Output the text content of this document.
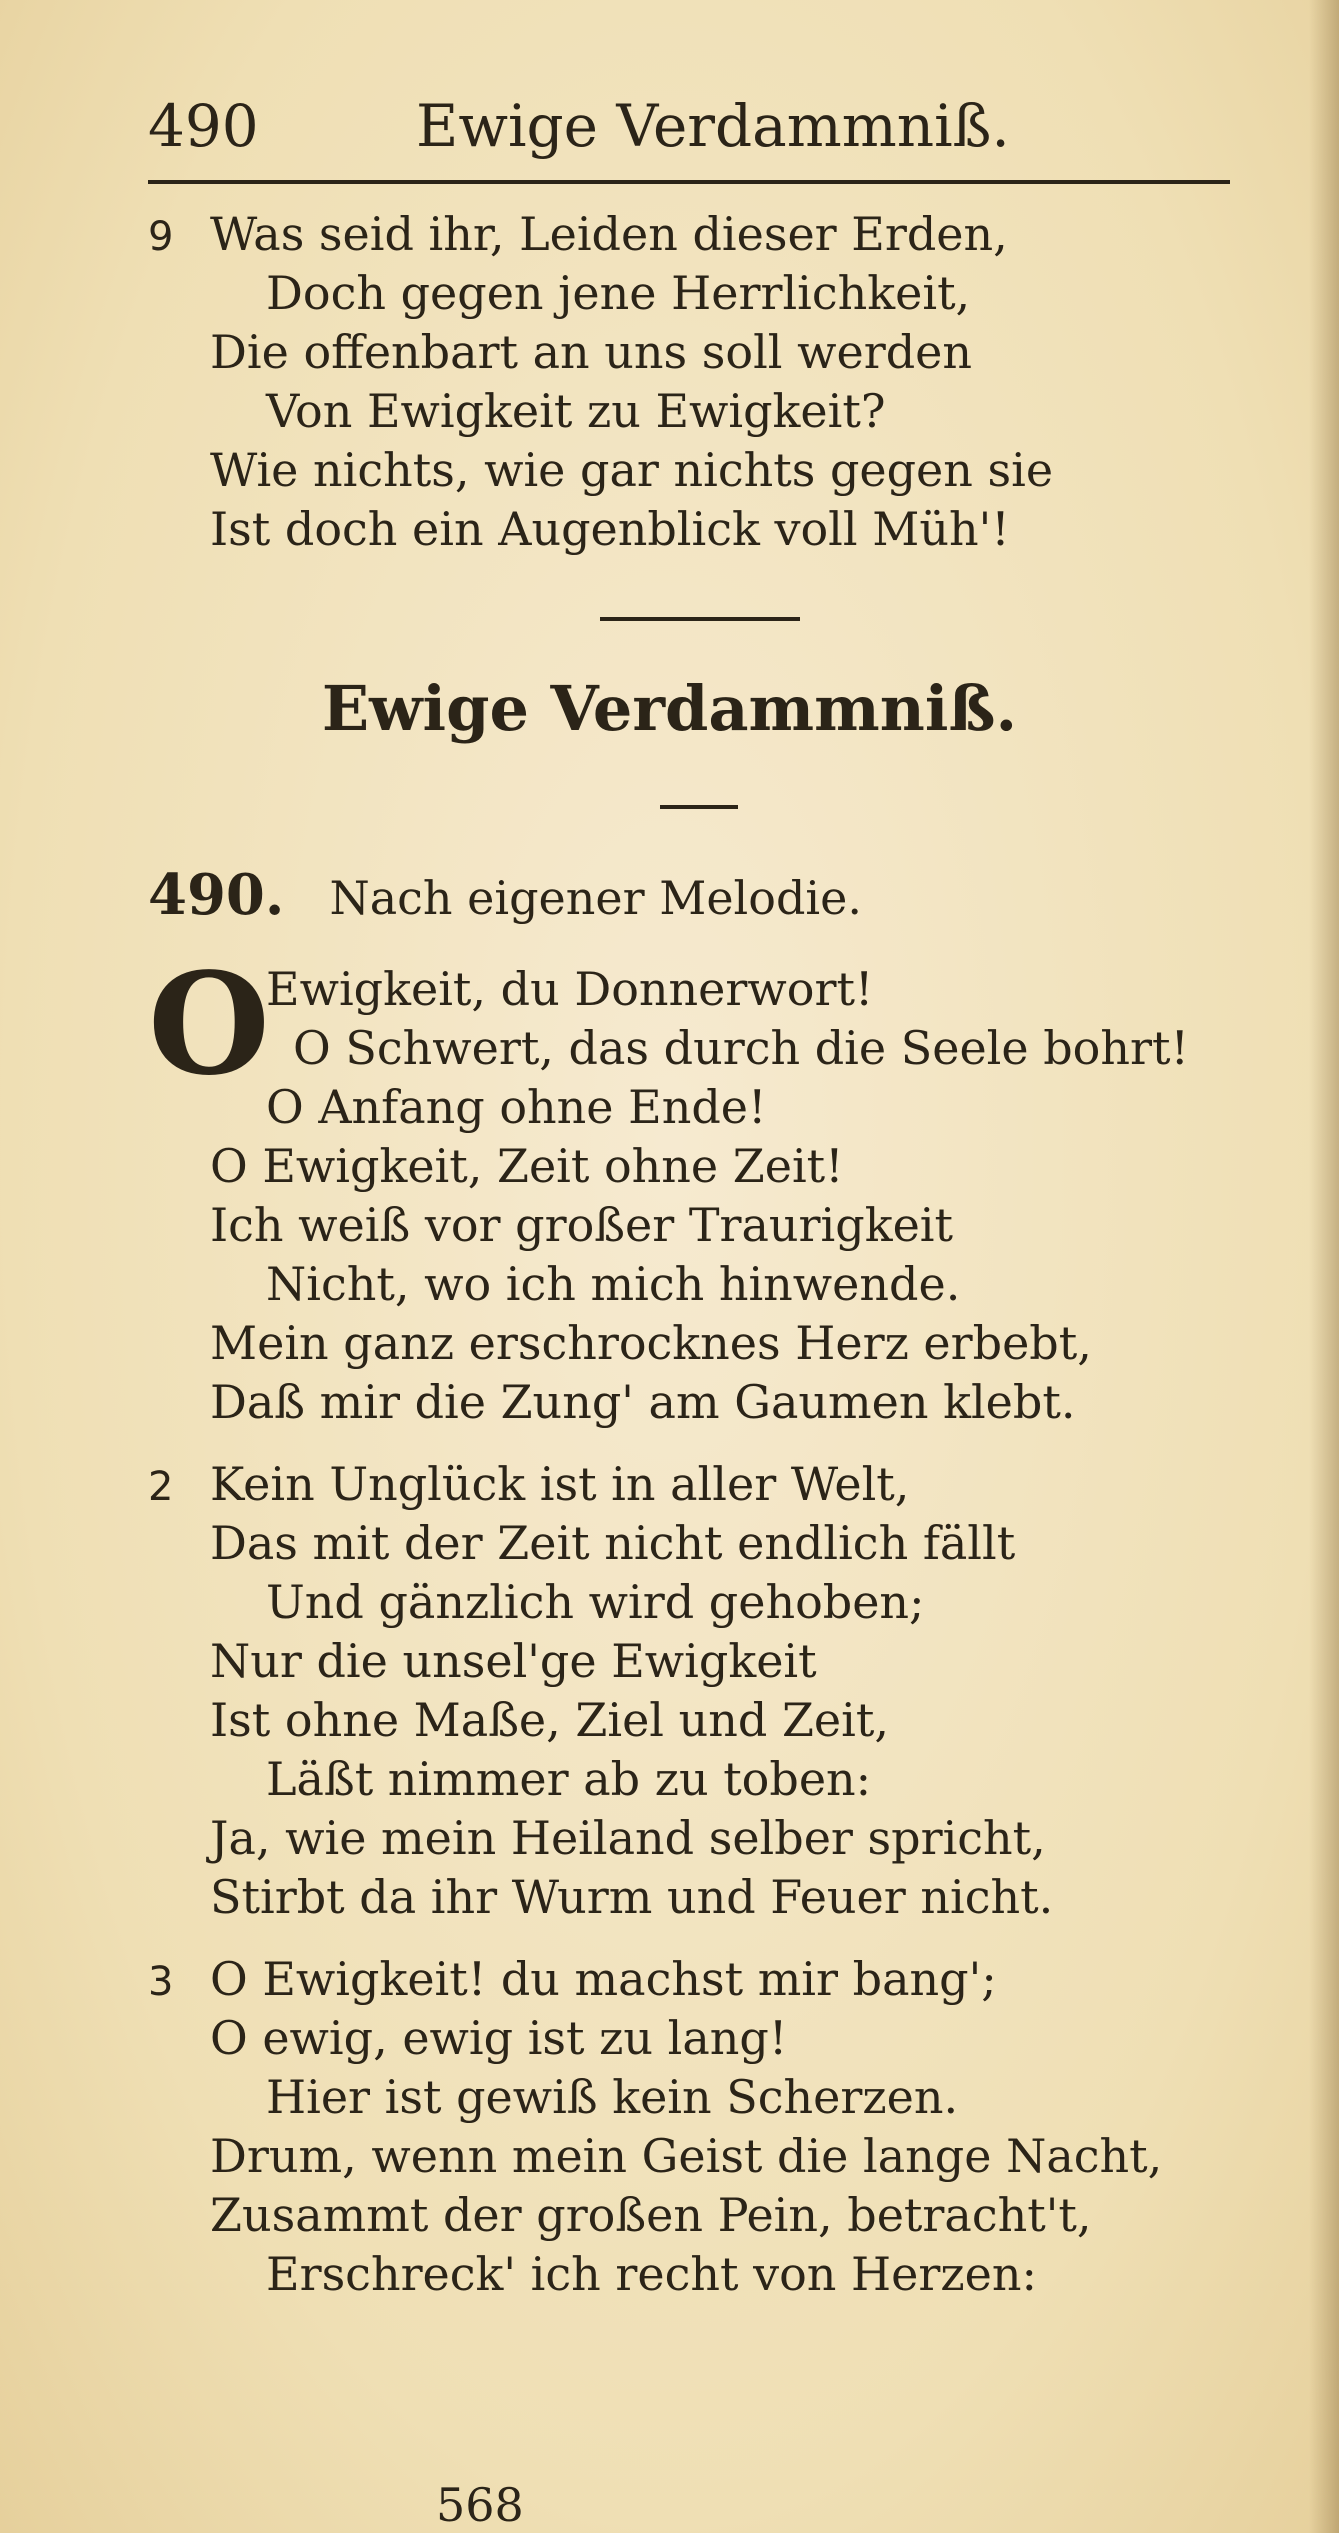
490	Ewige Verdammniß.
9 Was seid ihr, Leiden dieser Erden,
Doch gegen jene Herrlichkeit,
Die offenbart an uns soll werden
Von Ewigkeit zu Ewigkeit?
Wie nichts, wie gar nichts gegen sie
Ist doch ein Augenblick voll Müh'!
Ewige Verdammniß.
490. Nach eigener Melodie.
O
Ewigkeit, du Donnerwort!
O Schwert, das durch die Seele bohrt!
O Anfang ohne Ende!
O Ewigkeit, Zeit ohne Zeit!
Ich weiß vor großer Traurigkeit
Nicht, wo ich mich hinwende.
Mein ganz erschrocknes Herz erbebt,
Daß mir die Zung' am Gaumen klebt.
2 Kein Unglück ist in aller Welt,
Das mit der Zeit nicht endlich fällt
Und gänzlich wird gehoben;
Nur die unsel'ge Ewigkeit
Ist ohne Maße, Ziel und Zeit,
Läßt nimmer ab zu toben:
Ja, wie mein Heiland selber spricht,
Stirbt da ihr Wurm und Feuer nicht.
3 O Ewigkeit! du machst mir bang';
O ewig, ewig ist zu lang!
Hier ist gewiß kein Scherzen.
Drum, wenn mein Geist die lange Nacht,
Zusammt der großen Pein, betracht't,
Erschreck' ich recht von Herzen:
568
